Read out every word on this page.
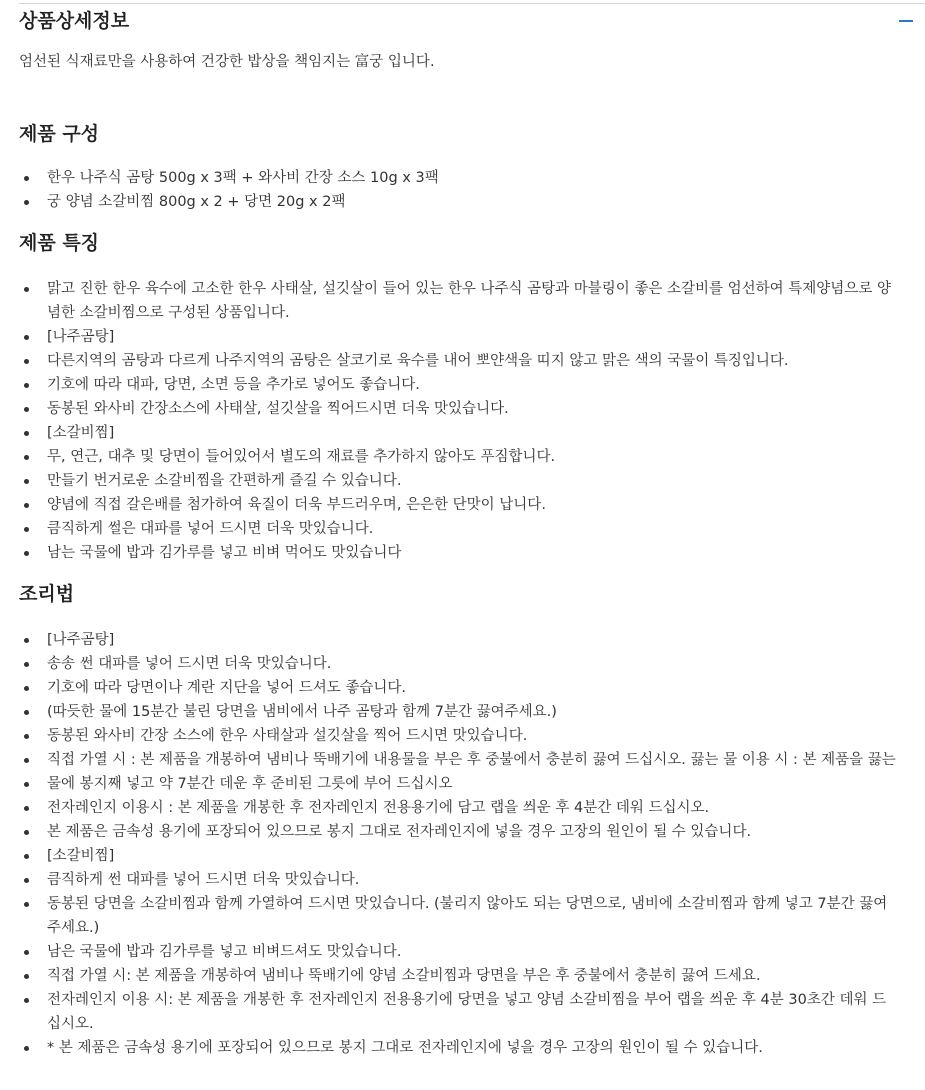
상품상세정보

엄선된 식재료만을 사용하여 건강한 밥상을 책임지는 富궁 입니다.

제품 구성
한우 나주식 곰탕 500g x 3팩 + 와사비 간장 소스 10g x 3팩
궁 양념 소갈비찜 800g x 2 + 당면 20g x 2팩
제품 특징
맑고 진한 한우 육수에 고소한 한우 사태살, 설깃살이 들어 있는 한우 나주식 곰탕과 마블링이 좋은 소갈비를 엄선하여 특제양념으로 양념한 소갈비찜으로 구성된 상품입니다.
[나주곰탕]
다른지역의 곰탕과 다르게 나주지역의 곰탕은 살코기로 육수를 내어 뽀얀색을 띠지 않고 맑은 색의 국물이 특징입니다.
기호에 따라 대파, 당면, 소면 등을 추가로 넣어도 좋습니다.
동봉된 와사비 간장소스에 사태살, 설깃살을 찍어드시면 더욱 맛있습니다.
[소갈비찜]
무, 연근, 대추 및 당면이 들어있어서 별도의 재료를 추가하지 않아도 푸짐합니다.
만들기 번거로운 소갈비찜을 간편하게 즐길 수 있습니다.
양념에 직접 갈은배를 첨가하여 육질이 더욱 부드러우며, 은은한 단맛이 납니다.
큼직하게 썰은 대파를 넣어 드시면 더욱 맛있습니다.
남는 국물에 밥과 김가루를 넣고 비벼 먹어도 맛있습니다
조리법
[나주곰탕]
송송 썬 대파를 넣어 드시면 더욱 맛있습니다.
기호에 따라 당면이나 계란 지단을 넣어 드셔도 좋습니다.
(따듯한 물에 15분간 불린 당면을 냄비에서 나주 곰탕과 함께 7분간 끓여주세요.)
동봉된 와사비 간장 소스에 한우 사태살과 설깃살을 찍어 드시면 맛있습니다.
직접 가열 시 : 본 제품을 개봉하여 냄비나 뚝배기에 내용물을 부은 후 중불에서 충분히 끓여 드십시오. 끓는 물 이용 시 : 본 제품을 끓는
물에 봉지째 넣고 약 7분간 데운 후 준비된 그릇에 부어 드십시오
전자레인지 이용시 : 본 제품을 개봉한 후 전자레인지 전용용기에 담고 랩을 씌운 후 4분간 데워 드십시오.
본 제품은 금속성 용기에 포장되어 있으므로 봉지 그대로 전자레인지에 넣을 경우 고장의 원인이 될 수 있습니다.
[소갈비찜]
큼직하게 썬 대파를 넣어 드시면 더욱 맛있습니다.
동봉된 당면을 소갈비찜과 함께 가열하여 드시면 맛있습니다. (불리지 않아도 되는 당면으로, 냄비에 소갈비찜과 함께 넣고 7분간 끓여주세요.)
남은 국물에 밥과 김가루를 넣고 비벼드셔도 맛있습니다.
직접 가열 시: 본 제품을 개봉하여 냄비나 뚝배기에 양념 소갈비찜과 당면을 부은 후 중불에서 충분히 끓여 드세요.
전자레인지 이용 시: 본 제품을 개봉한 후 전자레인지 전용용기에 당면을 넣고 양념 소갈비찜을 부어 랩을 씌운 후 4분 30초간 데워 드십시오.
* 본 제품은 금속성 용기에 포장되어 있으므로 봉지 그대로 전자레인지에 넣을 경우 고장의 원인이 될 수 있습니다.
